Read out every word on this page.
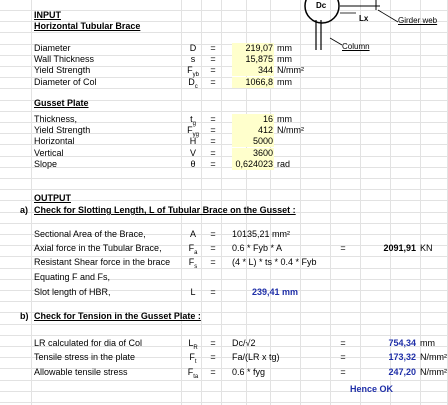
Dc
Lx	Girder web
Column
INPUT
Horizontal Tubular Brace
Diameter	D	=	219,07 mm
Wall Thickness	s	=	15,875 mm
Yield Strength	$F_{yb}$ =	344 N/mm²
Diameter of Col	$D_c$ =	1066,8 mm
Gusset Plate
Thickness,	$t_g$	=	16 mm
Yield Strength	$F_{yg}$ =	412 N/mm²
Horizontal	H	=	5000
Vertical	V	=	3600
Slope	θ	=	0,624023 rad
OUTPUT
a) Check for Slotting Length, L of Tubular Brace on the Gusset :
Sectional Area of the Brace,	A	= 10135,21 mm²
Axial force in the Tubular Brace,	$F_a = 0.6$ * Fyb * A	=	2091,91 KN
Resistant Shear force in the brace	$F_s$	= (4 * L) * ts * 0.4 * Fyb
Equating F and Fs,
Slot length of HBR,	L	=	239,41 mm
b) Check for Tension in the Gusset Plate :
LR calculated for dia of Col	$L_R = Dc/√2$	=	754,34 mm
Tensile stress in the plate	$F_t$	= Fa/(LR x tg)	=	173,32 N/mm²
Allowable tensile stress	$F_{ta} = 0.6$ * fyg	=	247,20 N/mm²
Hence OK
